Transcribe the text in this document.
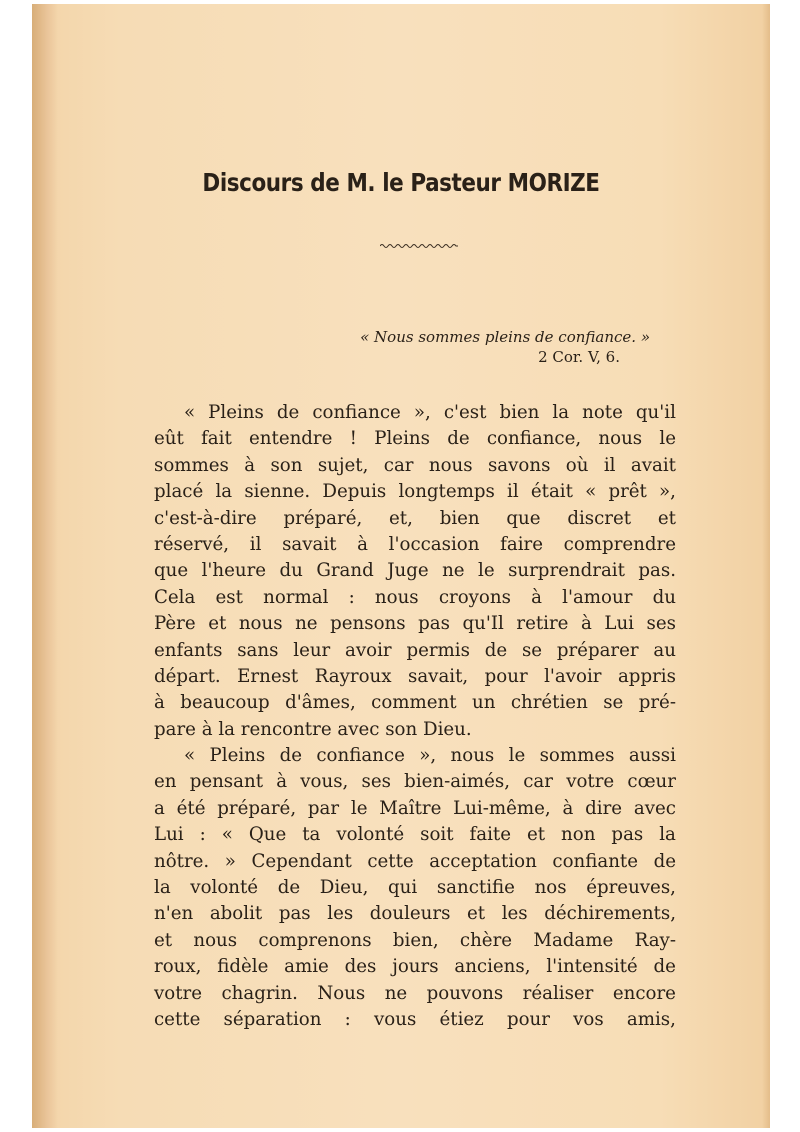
Discours de M. le Pasteur MORIZE
« Nous sommes pleins de confiance. »
2 Cor. V, 6.
« Pleins de confiance », c'est bien la note qu'il
eût fait entendre ! Pleins de confiance, nous le
sommes à son sujet, car nous savons où il avait
placé la sienne. Depuis longtemps il était « prêt »,
c'est-à-dire préparé, et, bien que discret et
réservé, il savait à l'occasion faire comprendre
que l'heure du Grand Juge ne le surprendrait pas.
Cela est normal : nous croyons à l'amour du
Père et nous ne pensons pas qu'Il retire à Lui ses
enfants sans leur avoir permis de se préparer au
départ. Ernest Rayroux savait, pour l'avoir appris
à beaucoup d'âmes, comment un chrétien se pré-
pare à la rencontre avec son Dieu.
« Pleins de confiance », nous le sommes aussi
en pensant à vous, ses bien-aimés, car votre cœur
a été préparé, par le Maître Lui-même, à dire avec
Lui : « Que ta volonté soit faite et non pas la
nôtre. » Cependant cette acceptation confiante de
la volonté de Dieu, qui sanctifie nos épreuves,
n'en abolit pas les douleurs et les déchirements,
et nous comprenons bien, chère Madame Ray-
roux, fidèle amie des jours anciens, l'intensité de
votre chagrin. Nous ne pouvons réaliser encore
cette séparation : vous étiez pour vos amis,
